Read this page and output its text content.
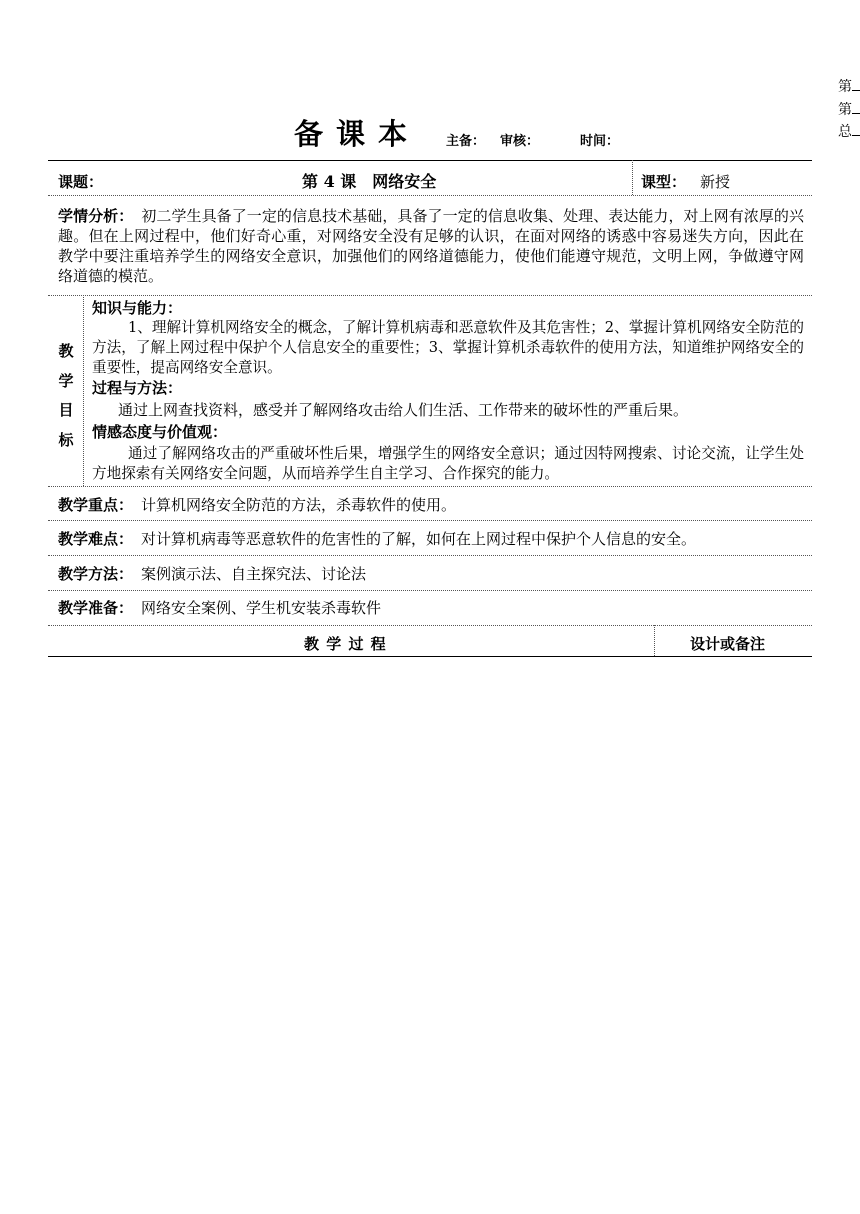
第
第
总
备课本 主备： 审核：	时间：
课题：	第 4 课　网络安全	课型： 新授
学情分析： 初二学生具备了一定的信息技术基础，具备了一定的信息收集、处理、表达能力，对上网有浓厚的兴趣。但在上网过程中，他们好奇心重，对网络安全没有足够的认识，在面对网络的诱惑中容易迷失方向，因此在教学中要注重培养学生的网络安全意识，加强他们的网络道德能力，使他们能遵守规范，文明上网，争做遵守网络道德的模范。
教
学
目
标
知识与能力：
1、理解计算机网络安全的概念，了解计算机病毒和恶意软件及其危害性；2、掌握计算机网络安全防范的方法，了解上网过程中保护个人信息安全的重要性；3、掌握计算机杀毒软件的使用方法，知道维护网络安全的重要性，提高网络安全意识。
过程与方法：
通过上网查找资料，感受并了解网络攻击给人们生活、工作带来的破坏性的严重后果。
情感态度与价值观：
通过了解网络攻击的严重破坏性后果，增强学生的网络安全意识；通过因特网搜索、讨论交流，让学生处方地探索有关网络安全问题，从而培养学生自主学习、合作探究的能力。
教学重点： 计算机网络安全防范的方法，杀毒软件的使用。
教学难点： 对计算机病毒等恶意软件的危害性的了解，如何在上网过程中保护个人信息的安全。
教学方法： 案例演示法、自主探究法、讨论法
教学准备： 网络安全案例、学生机安装杀毒软件
教 学 过 程	设计或备注
